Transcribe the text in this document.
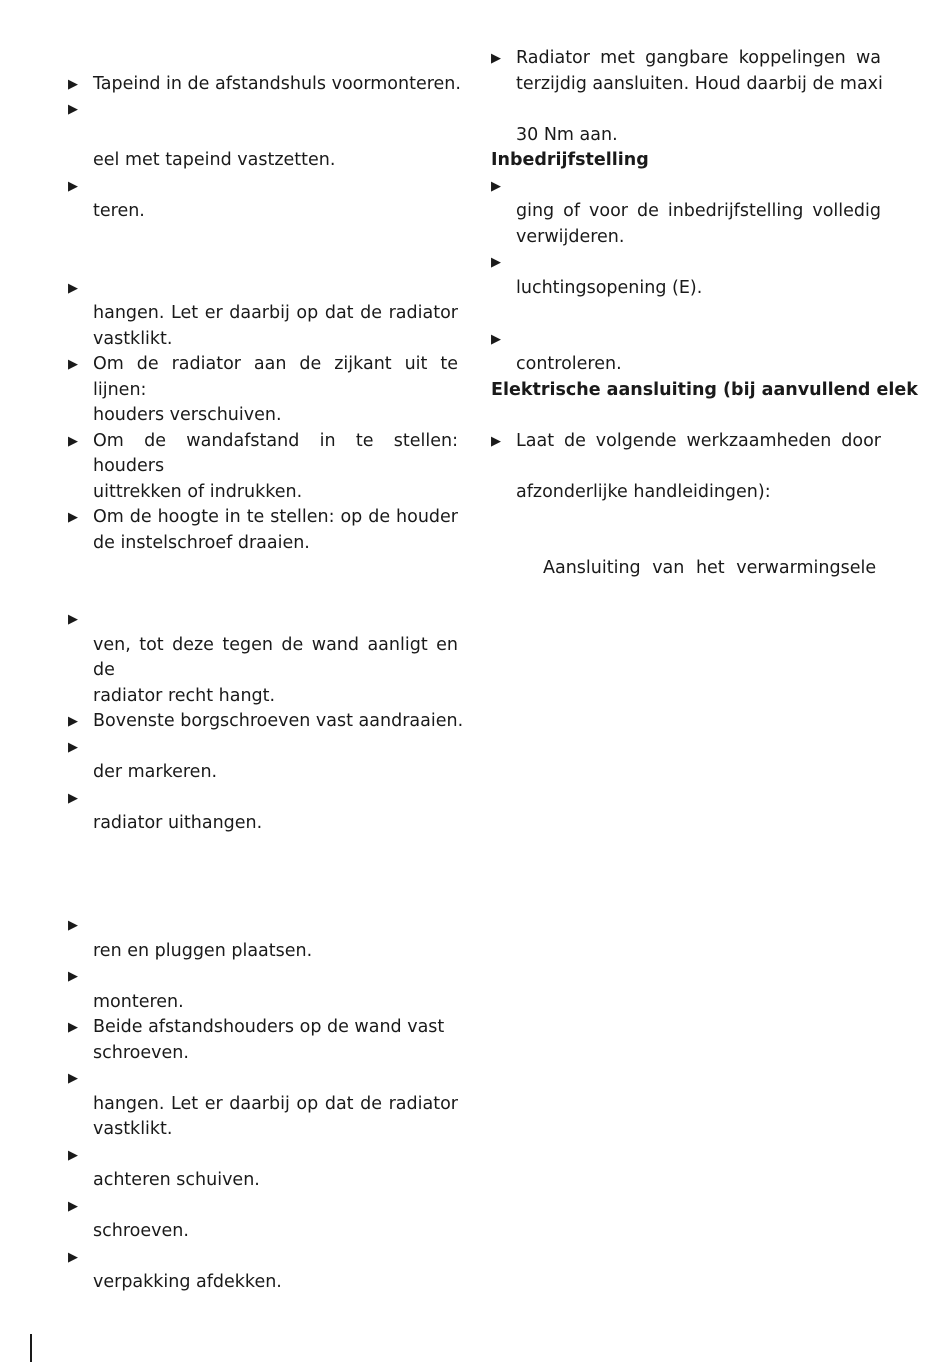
▶ Tapeind in de afstandshuls voormonteren.
▶
eel met tapeind vastzetten.
▶
teren.
▶
hangen. Let er daarbij op dat de radiator
vastklikt.
▶ Om de radiator aan de zijkant uit te lijnen:
houders verschuiven.
▶ Om de wandafstand in te stellen: houders
uittrekken of indrukken.
▶ Om de hoogte in te stellen: op de houder
de instelschroef draaien.
▶
ven, tot deze tegen de wand aanligt en de
radiator recht hangt.
▶ Bovenste borgschroeven vast aandraaien.
▶
der markeren.
▶
radiator uithangen.
▶
ren en pluggen plaatsen.
▶
monteren.
▶ Beide afstandshouders op de wand vast
schroeven.
▶
hangen. Let er daarbij op dat de radiator
vastklikt.
▶
achteren schuiven.
▶
schroeven.
▶
verpakking afdekken.
▶ Radiator met gangbare koppelingen wa
terzijdig aansluiten. Houd daarbij de maxi
30 Nm aan.
Inbedrijfstelling
▶
ging of voor de inbedrijfstelling volledig
verwijderen.
▶
luchtingsopening (E).
▶
controleren.
Elektrische aansluiting (bij aanvullend elek
▶ Laat de volgende werkzaamheden door
afzonderlijke handleidingen):
Aansluiting van het verwarmingsele
